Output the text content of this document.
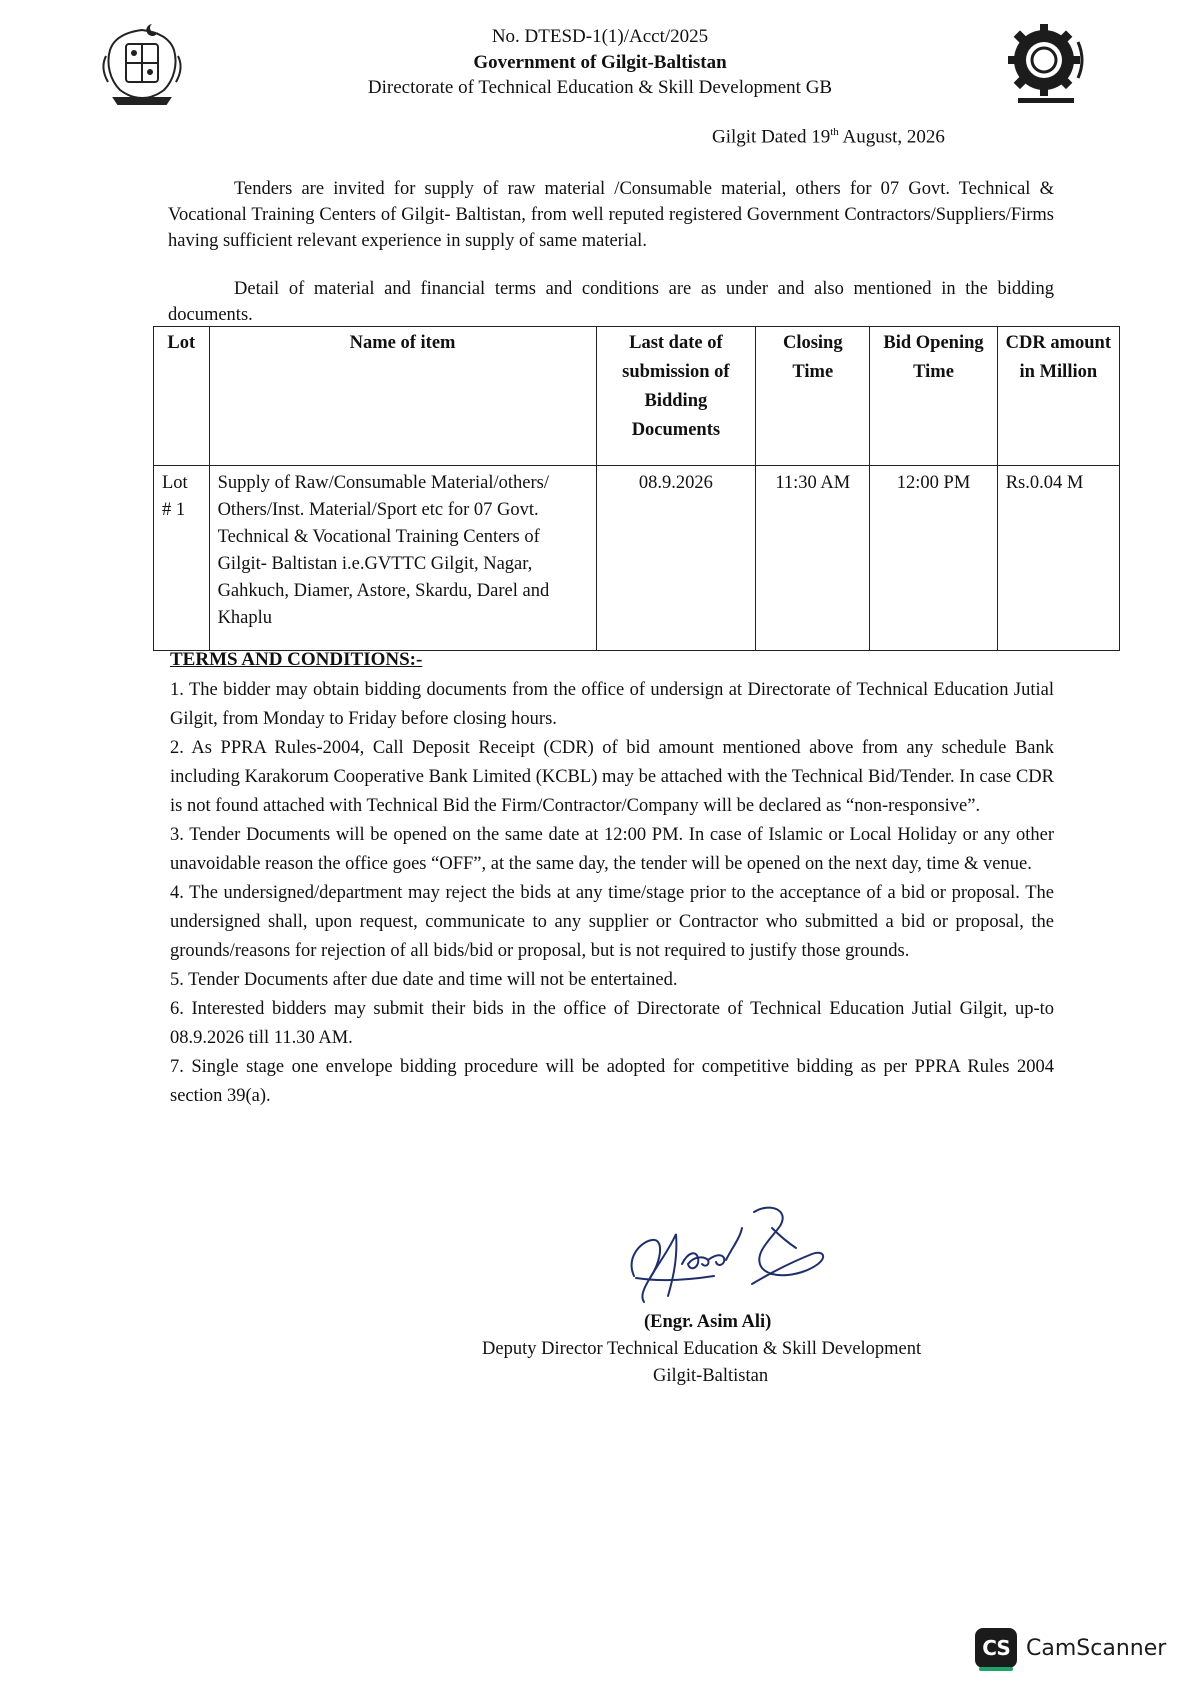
No. DTESD-1(1)/Acct/2025
Government of Gilgit-Baltistan
Directorate of Technical Education & Skill Development GB
Gilgit Dated 19th August, 2026
Tenders are invited for supply of raw material /Consumable material, others for 07 Govt. Technical & Vocational Training Centers of Gilgit- Baltistan, from well reputed registered Government Contractors/Suppliers/Firms having sufficient relevant experience in supply of same material.
Detail of material and financial terms and conditions are as under and also mentioned in the bidding documents.
Lot	Name of item	Last date of submission of Bidding Documents	Closing Time	Bid Opening Time	CDR amount in Million
Lot # 1	Supply of Raw/Consumable Material/others/ Others/Inst. Material/Sport etc for 07 Govt. Technical & Vocational Training Centers of Gilgit- Baltistan i.e.GVTTC Gilgit, Nagar, Gahkuch, Diamer, Astore, Skardu, Darel and Khaplu	08.9.2026	11:30 AM	12:00 PM	Rs.0.04 M
TERMS AND CONDITIONS:-

1. The bidder may obtain bidding documents from the office of undersign at Directorate of Technical Education Jutial Gilgit, from Monday to Friday before closing hours.

2. As PPRA Rules-2004, Call Deposit Receipt (CDR) of bid amount mentioned above from any schedule Bank including Karakorum Cooperative Bank Limited (KCBL) may be attached with the Technical Bid/Tender. In case CDR is not found attached with Technical Bid the Firm/Contractor/Company will be declared as “non-responsive”.

3. Tender Documents will be opened on the same date at 12:00 PM. In case of Islamic or Local Holiday or any other unavoidable reason the office goes “OFF”, at the same day, the tender will be opened on the next day, time & venue.

4. The undersigned/department may reject the bids at any time/stage prior to the acceptance of a bid or proposal. The undersigned shall, upon request, communicate to any supplier or Contractor who submitted a bid or proposal, the grounds/reasons for rejection of all bids/bid or proposal, but is not required to justify those grounds.

5. Tender Documents after due date and time will not be entertained.

6. Interested bidders may submit their bids in the office of Directorate of Technical Education Jutial Gilgit, up-to 08.9.2026 till 11.30 AM.

7. Single stage one envelope bidding procedure will be adopted for competitive bidding as per PPRA Rules 2004 section 39(a).

(Engr. Asim Ali)
Deputy Director Technical Education & Skill Development
Gilgit-Baltistan
CS CamScanner
